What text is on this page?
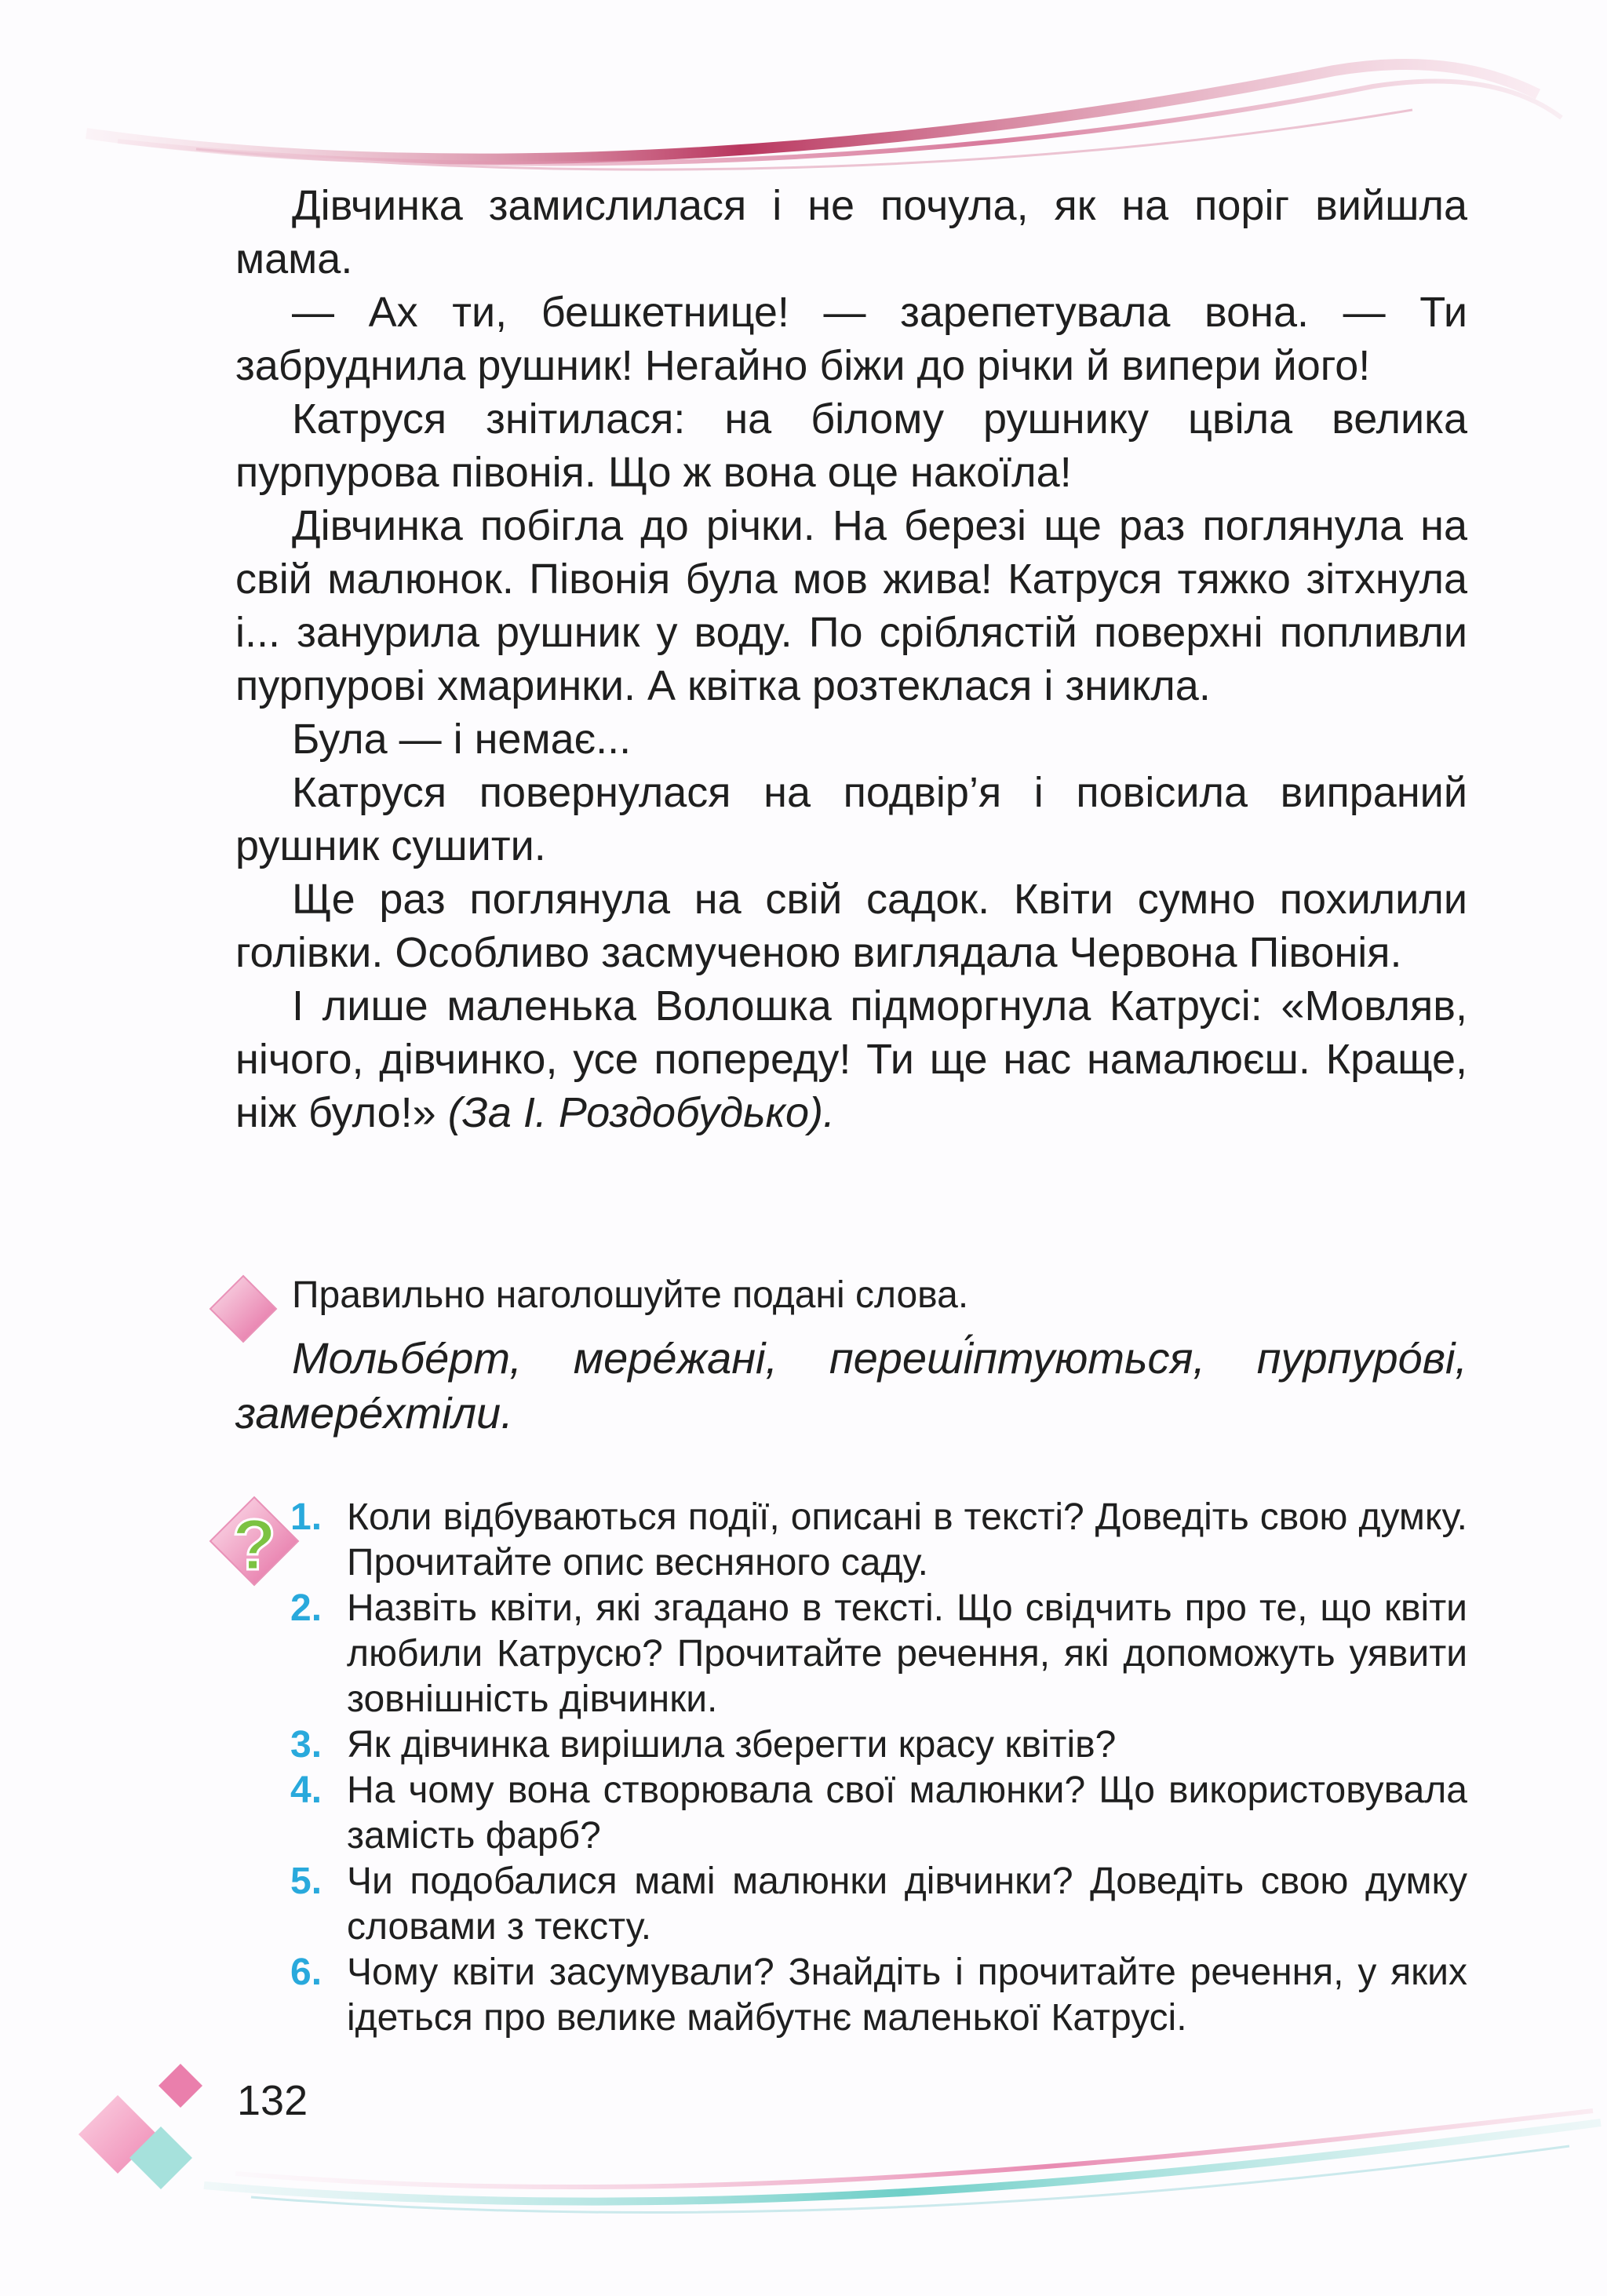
Дівчинка замислилася і не почула, як на поріг вийшла мама.

— Ах ти, бешкетнице! — зарепетувала вона. — Ти забруднила рушник! Негайно біжи до річки й випери його!

Катруся знітилася: на білому рушнику цвіла велика пурпурова півонія. Що ж вона оце накоїла!

Дівчинка побігла до річки. На березі ще раз поглянула на свій малюнок. Півонія була мов жива! Катруся тяжко зітхнула і... занурила рушник у воду. По сріблястій поверхні попливли пурпурові хмаринки. А квітка розтеклася і зникла.

Була — і немає...

Катруся повернулася на подвір’я і повісила випраний рушник сушити.

Ще раз поглянула на свій садок. Квіти сумно похилили голівки. Особливо засмученою виглядала Червона Півонія.

І лише маленька Волошка підморгнула Катрусі: «Мовляв, нічого, дівчинко, усе попереду! Ти ще нас намалюєш. Краще, ніж було!» (За І. Роздобудько).

Правильно наголошуйте подані слова.

Мольбе́рт, мере́жані, переші́птуються, пурпуро́ві, замере́хтіли.

? 1. Коли відбуваються події, описані в тексті? Доведіть свою думку. Прочитайте опис весняного саду.
2. Назвіть квіти, які згадано в тексті. Що свідчить про те, що квіти любили Катрусю? Прочитайте речення, які допоможуть уявити зовнішність дівчинки.
3. Як дівчинка вирішила зберегти красу квітів?
4. На чому вона створювала свої малюнки? Що використовувала замість фарб?
5. Чи подобалися мамі малюнки дівчинки? Доведіть свою думку словами з тексту.
6. Чому квіти засумували? Знайдіть і прочитайте речення, у яких ідеться про велике майбутнє маленької Катрусі.
132
